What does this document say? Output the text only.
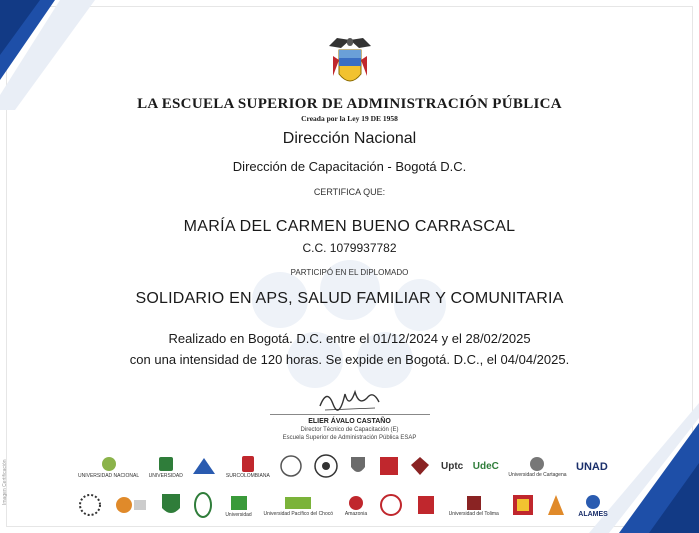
LA ESCUELA SUPERIOR DE ADMINISTRACIÓN PÚBLICA
Creada por la Ley 19 DE 1958
Dirección Nacional
Dirección de Capacitación - Bogotá D.C.
CERTIFICA QUE:
MARÍA DEL CARMEN BUENO CARRASCAL
C.C. 1079937782
PARTICIPÓ EN EL DIPLOMADO
SOLIDARIO EN APS, SALUD FAMILIAR Y COMUNITARIA
Realizado en Bogotá. D.C. entre el 01/12/2024 y el 28/02/2025
con una intensidad de 120 horas. Se expide en Bogotá. D.C., el 04/04/2025.
ELIER ÁVALO CASTAÑO
Director Técnico de Capacitación (E)
Escuela Superior de Administración Pública ESAP
UNIVERSIDAD NACIONAL UNIVERSIDAD	SURCOLOMBIANA
Uptc UdeC
Universidad de Cartagena
UNAD
Universidad Universidad Pacífico del Chocó Amazonia	Universidad del Tolima	ALAMES
Imagen Certificación
